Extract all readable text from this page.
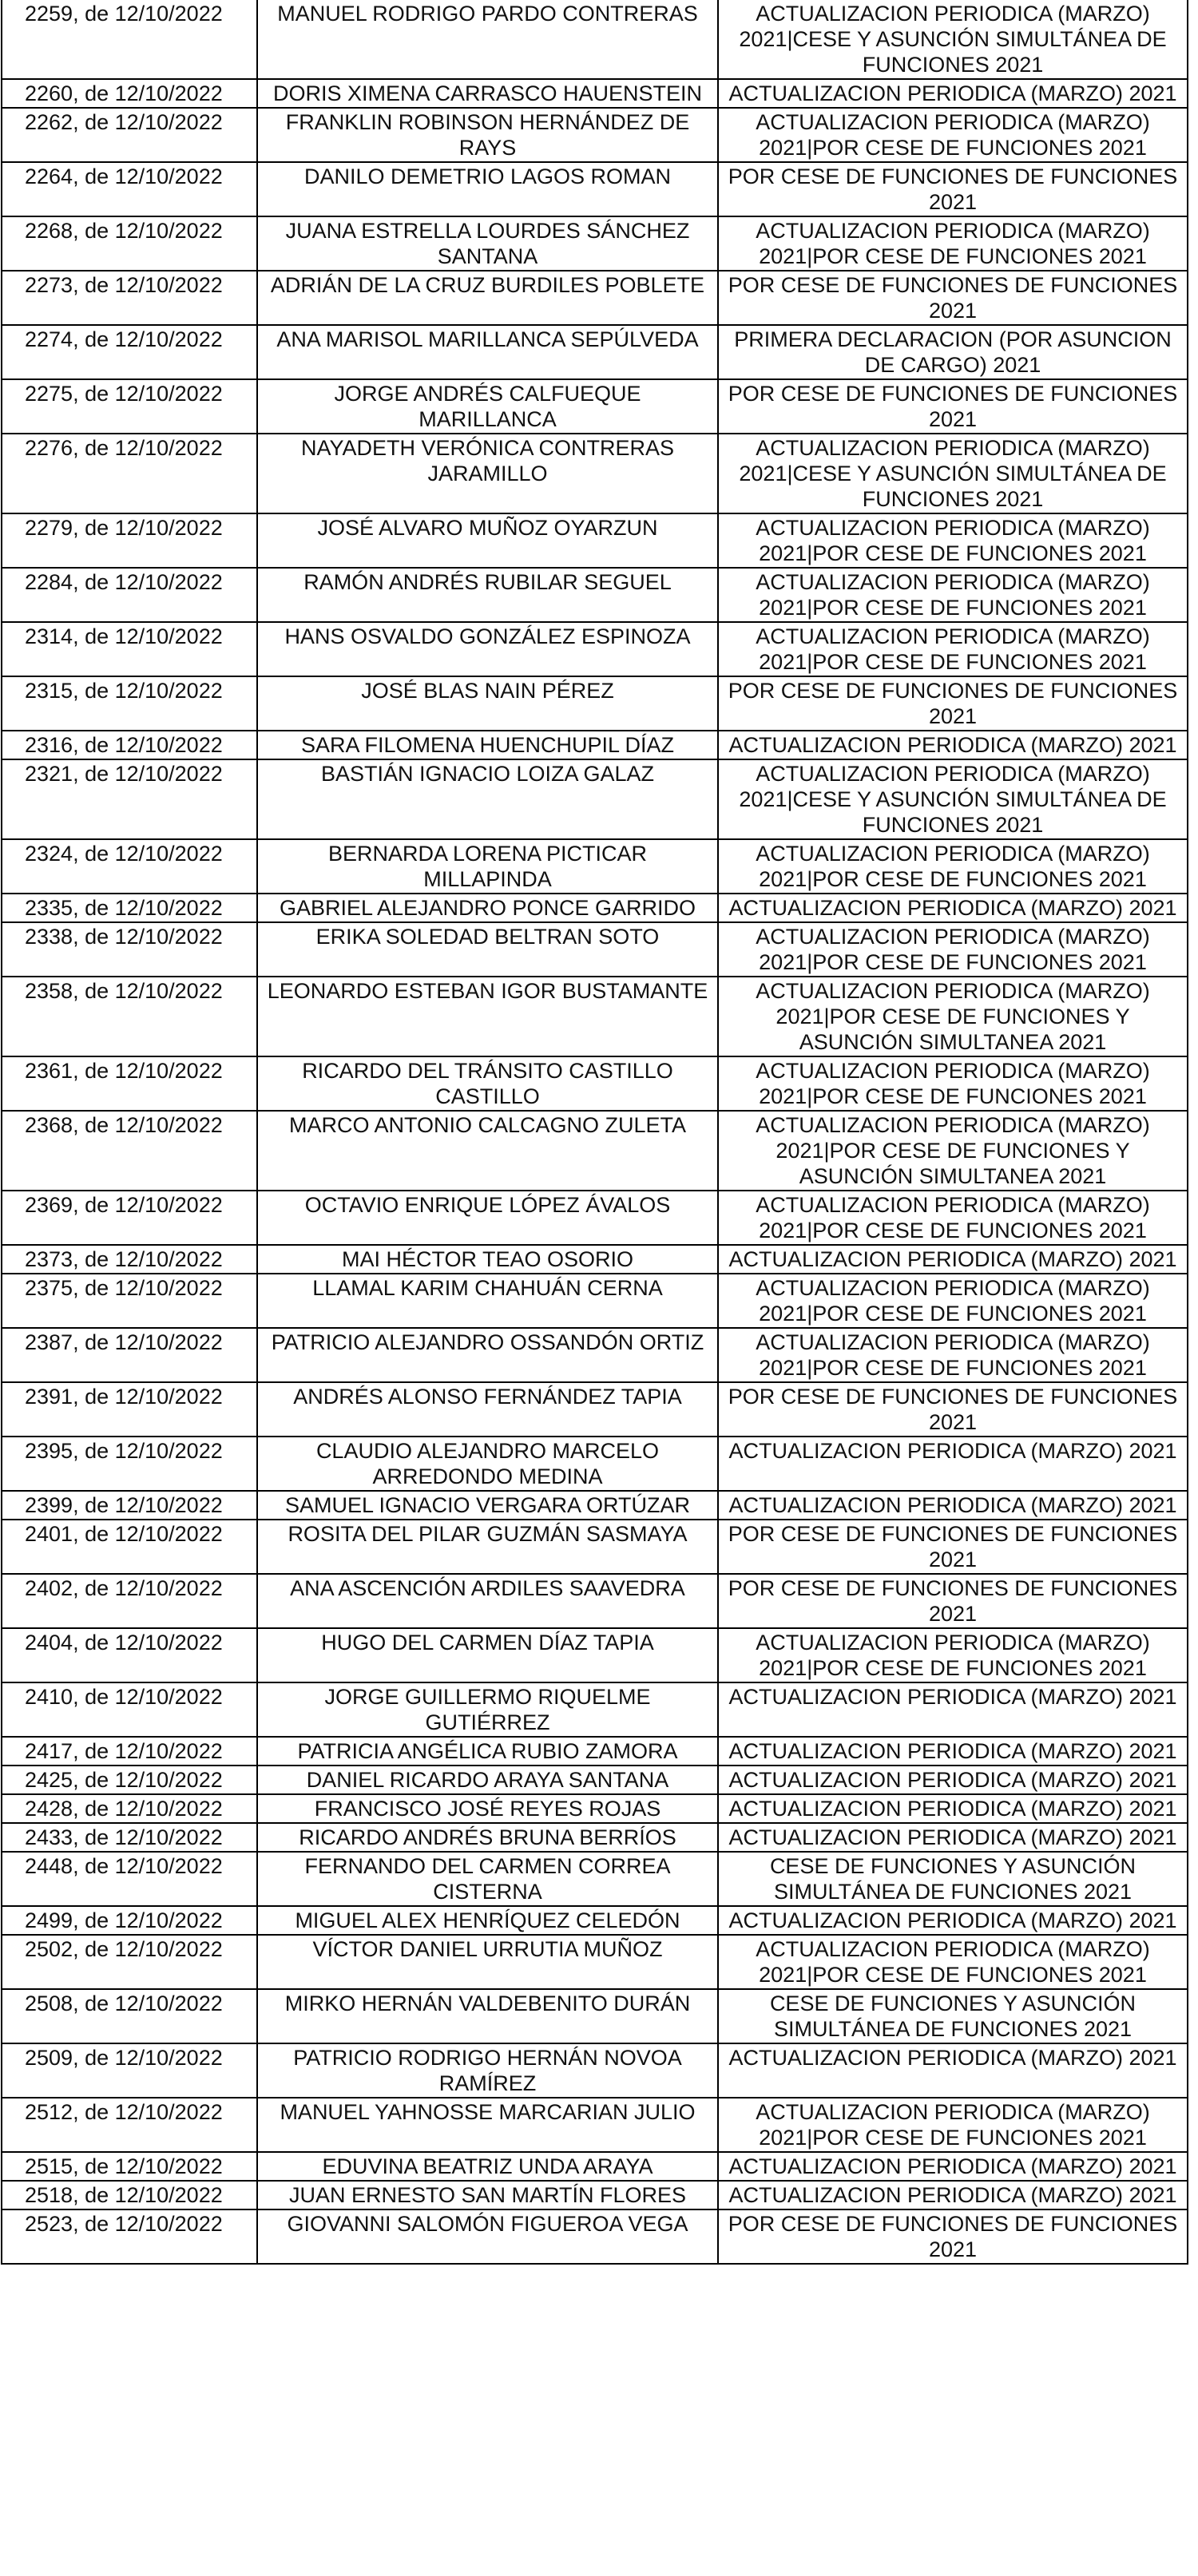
2259, de 12/10/2022	MANUEL RODRIGO PARDO CONTRERAS	ACTUALIZACION PERIODICA (MARZO) 2021|CESE Y ASUNCIÓN SIMULTÁNEA DE FUNCIONES 2021
2260, de 12/10/2022	DORIS XIMENA CARRASCO HAUENSTEIN	ACTUALIZACION PERIODICA (MARZO) 2021
2262, de 12/10/2022	FRANKLIN ROBINSON HERNÁNDEZ DE RAYS	ACTUALIZACION PERIODICA (MARZO) 2021|POR CESE DE FUNCIONES 2021
2264, de 12/10/2022	DANILO DEMETRIO LAGOS ROMAN	POR CESE DE FUNCIONES DE FUNCIONES 2021
2268, de 12/10/2022	JUANA ESTRELLA LOURDES SÁNCHEZ SANTANA	ACTUALIZACION PERIODICA (MARZO) 2021|POR CESE DE FUNCIONES 2021
2273, de 12/10/2022	ADRIÁN DE LA CRUZ BURDILES POBLETE	POR CESE DE FUNCIONES DE FUNCIONES 2021
2274, de 12/10/2022	ANA MARISOL MARILLANCA SEPÚLVEDA	PRIMERA DECLARACION (POR ASUNCION DE CARGO) 2021
2275, de 12/10/2022	JORGE ANDRÉS CALFUEQUE MARILLANCA	POR CESE DE FUNCIONES DE FUNCIONES 2021
2276, de 12/10/2022	NAYADETH VERÓNICA CONTRERAS JARAMILLO	ACTUALIZACION PERIODICA (MARZO) 2021|CESE Y ASUNCIÓN SIMULTÁNEA DE FUNCIONES 2021
2279, de 12/10/2022	JOSÉ ALVARO MUÑOZ OYARZUN	ACTUALIZACION PERIODICA (MARZO) 2021|POR CESE DE FUNCIONES 2021
2284, de 12/10/2022	RAMÓN ANDRÉS RUBILAR SEGUEL	ACTUALIZACION PERIODICA (MARZO) 2021|POR CESE DE FUNCIONES 2021
2314, de 12/10/2022	HANS OSVALDO GONZÁLEZ ESPINOZA	ACTUALIZACION PERIODICA (MARZO) 2021|POR CESE DE FUNCIONES 2021
2315, de 12/10/2022	JOSÉ BLAS NAIN PÉREZ	POR CESE DE FUNCIONES DE FUNCIONES 2021
2316, de 12/10/2022	SARA FILOMENA HUENCHUPIL DÍAZ	ACTUALIZACION PERIODICA (MARZO) 2021
2321, de 12/10/2022	BASTIÁN IGNACIO LOIZA GALAZ	ACTUALIZACION PERIODICA (MARZO) 2021|CESE Y ASUNCIÓN SIMULTÁNEA DE FUNCIONES 2021
2324, de 12/10/2022	BERNARDA LORENA PICTICAR MILLAPINDA	ACTUALIZACION PERIODICA (MARZO) 2021|POR CESE DE FUNCIONES 2021
2335, de 12/10/2022	GABRIEL ALEJANDRO PONCE GARRIDO	ACTUALIZACION PERIODICA (MARZO) 2021
2338, de 12/10/2022	ERIKA SOLEDAD BELTRAN SOTO	ACTUALIZACION PERIODICA (MARZO) 2021|POR CESE DE FUNCIONES 2021
2358, de 12/10/2022	LEONARDO ESTEBAN IGOR BUSTAMANTE	ACTUALIZACION PERIODICA (MARZO) 2021|POR CESE DE FUNCIONES Y ASUNCIÓN SIMULTANEA 2021
2361, de 12/10/2022	RICARDO DEL TRÁNSITO CASTILLO CASTILLO	ACTUALIZACION PERIODICA (MARZO) 2021|POR CESE DE FUNCIONES 2021
2368, de 12/10/2022	MARCO ANTONIO CALCAGNO ZULETA	ACTUALIZACION PERIODICA (MARZO) 2021|POR CESE DE FUNCIONES Y ASUNCIÓN SIMULTANEA 2021
2369, de 12/10/2022	OCTAVIO ENRIQUE LÓPEZ ÁVALOS	ACTUALIZACION PERIODICA (MARZO) 2021|POR CESE DE FUNCIONES 2021
2373, de 12/10/2022	MAI HÉCTOR TEAO OSORIO	ACTUALIZACION PERIODICA (MARZO) 2021
2375, de 12/10/2022	LLAMAL KARIM CHAHUÁN CERNA	ACTUALIZACION PERIODICA (MARZO) 2021|POR CESE DE FUNCIONES 2021
2387, de 12/10/2022	PATRICIO ALEJANDRO OSSANDÓN ORTIZ	ACTUALIZACION PERIODICA (MARZO) 2021|POR CESE DE FUNCIONES 2021
2391, de 12/10/2022	ANDRÉS ALONSO FERNÁNDEZ TAPIA	POR CESE DE FUNCIONES DE FUNCIONES 2021
2395, de 12/10/2022	CLAUDIO ALEJANDRO MARCELO ARREDONDO MEDINA	ACTUALIZACION PERIODICA (MARZO) 2021
2399, de 12/10/2022	SAMUEL IGNACIO VERGARA ORTÚZAR	ACTUALIZACION PERIODICA (MARZO) 2021
2401, de 12/10/2022	ROSITA DEL PILAR GUZMÁN SASMAYA	POR CESE DE FUNCIONES DE FUNCIONES 2021
2402, de 12/10/2022	ANA ASCENCIÓN ARDILES SAAVEDRA	POR CESE DE FUNCIONES DE FUNCIONES 2021
2404, de 12/10/2022	HUGO DEL CARMEN DÍAZ TAPIA	ACTUALIZACION PERIODICA (MARZO) 2021|POR CESE DE FUNCIONES 2021
2410, de 12/10/2022	JORGE GUILLERMO RIQUELME GUTIÉRREZ	ACTUALIZACION PERIODICA (MARZO) 2021
2417, de 12/10/2022	PATRICIA ANGÉLICA RUBIO ZAMORA	ACTUALIZACION PERIODICA (MARZO) 2021
2425, de 12/10/2022	DANIEL RICARDO ARAYA SANTANA	ACTUALIZACION PERIODICA (MARZO) 2021
2428, de 12/10/2022	FRANCISCO JOSÉ REYES ROJAS	ACTUALIZACION PERIODICA (MARZO) 2021
2433, de 12/10/2022	RICARDO ANDRÉS BRUNA BERRÍOS	ACTUALIZACION PERIODICA (MARZO) 2021
2448, de 12/10/2022	FERNANDO DEL CARMEN CORREA CISTERNA	CESE DE FUNCIONES Y ASUNCIÓN SIMULTÁNEA DE FUNCIONES 2021
2499, de 12/10/2022	MIGUEL ALEX HENRÍQUEZ CELEDÓN	ACTUALIZACION PERIODICA (MARZO) 2021
2502, de 12/10/2022	VÍCTOR DANIEL URRUTIA MUÑOZ	ACTUALIZACION PERIODICA (MARZO) 2021|POR CESE DE FUNCIONES 2021
2508, de 12/10/2022	MIRKO HERNÁN VALDEBENITO DURÁN	CESE DE FUNCIONES Y ASUNCIÓN SIMULTÁNEA DE FUNCIONES 2021
2509, de 12/10/2022	PATRICIO RODRIGO HERNÁN NOVOA RAMÍREZ	ACTUALIZACION PERIODICA (MARZO) 2021
2512, de 12/10/2022	MANUEL YAHNOSSE MARCARIAN JULIO	ACTUALIZACION PERIODICA (MARZO) 2021|POR CESE DE FUNCIONES 2021
2515, de 12/10/2022	EDUVINA BEATRIZ UNDA ARAYA	ACTUALIZACION PERIODICA (MARZO) 2021
2518, de 12/10/2022	JUAN ERNESTO SAN MARTÍN FLORES	ACTUALIZACION PERIODICA (MARZO) 2021
2523, de 12/10/2022	GIOVANNI SALOMÓN FIGUEROA VEGA	POR CESE DE FUNCIONES DE FUNCIONES 2021
